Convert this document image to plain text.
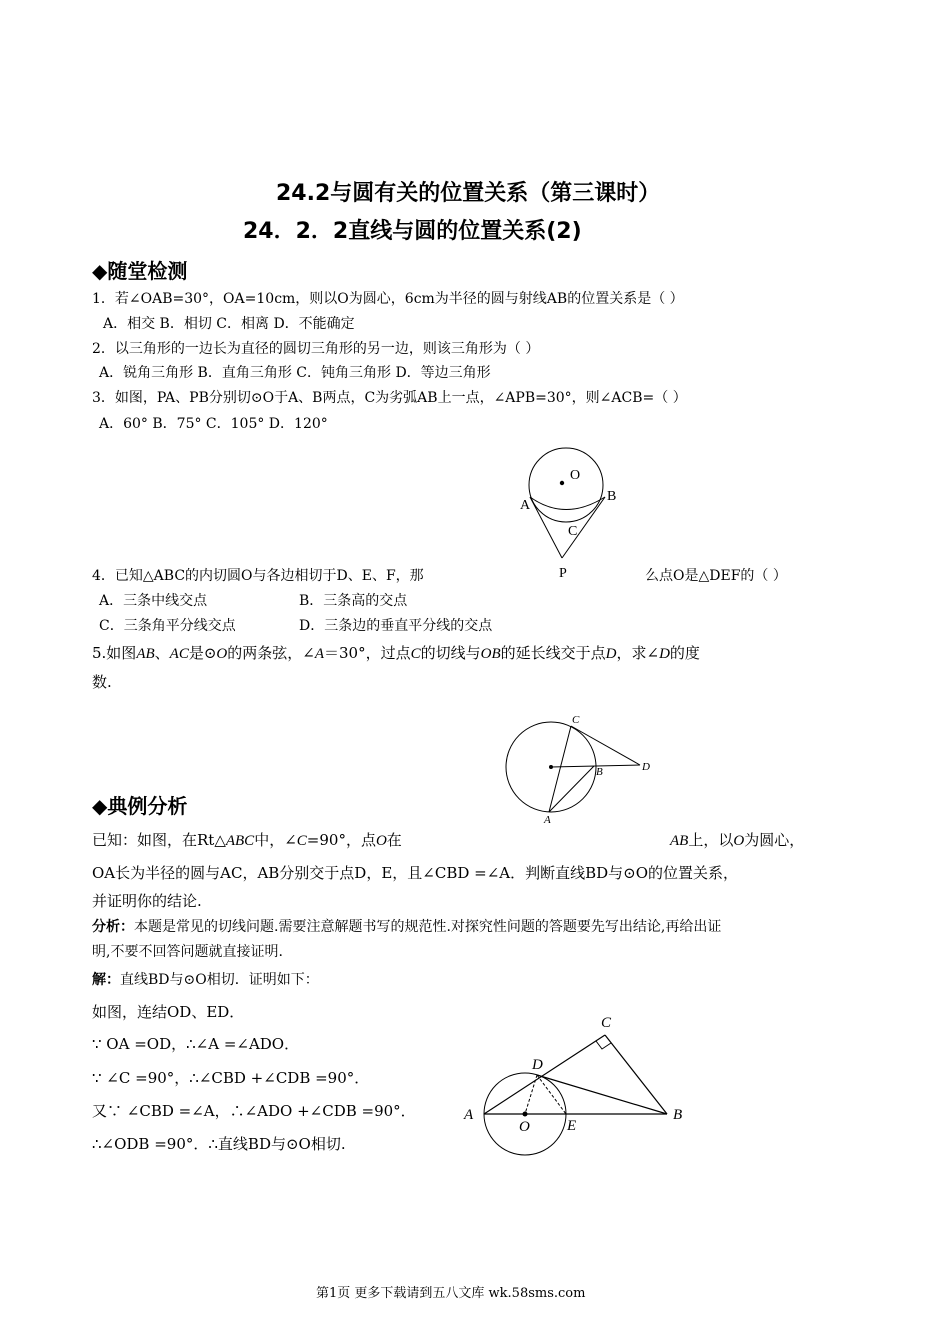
24.2与圆有关的位置关系（第三课时）
24．2．2直线与圆的位置关系(2)
◆随堂检测
1．若∠OAB=30°，OA=10cm，则以O为圆心，6cm为半径的圆与射线AB的位置关系是（ ）
A．相交 B．相切 C．相离 D．不能确定
2．以三角形的一边长为直径的圆切三角形的另一边，则该三角形为（ ）
A．锐角三角形 B．直角三角形 C．钝角三角形 D．等边三角形
3．如图，PA、PB分别切⊙O于A、B两点，C为劣弧AB上一点，∠APB=30°，则∠ACB=（ ）
A．60° B．75° C．105° D．120°
O
B
A
C
P
4．已知△ABC的内切圆O与各边相切于D、E、F，那	么点O是△DEF的（ ）
A．三条中线交点	B．三条高的交点
C．三条角平分线交点	D．三条边的垂直平分线的交点
5.如图AB、AC是⊙O的两条弦，∠A＝30°，过点C的切线与OB的延长线交于点D，求∠D的度
数.
C
B	D
A
◆典例分析
已知：如图，在Rt△ABC中，∠C=90°，点O在	AB上，以O为圆心，
OA长为半径的圆与AC，AB分别交于点D，E，且∠CBD =∠A．判断直线BD与⊙O的位置关系，
并证明你的结论.
分析：本题是常见的切线问题.需要注意解题书写的规范性.对探究性问题的答题要先写出结论,再给出证
明,不要不回答问题就直接证明.
解：直线BD与⊙O相切．证明如下：
如图，连结OD、ED．
∵ OA =OD，∴∠A =∠ADO．
∵ ∠C =90°，∴∠CBD +∠CDB =90°．
又∵ ∠CBD =∠A，∴∠ADO +∠CDB =90°．
∴∠ODB =90°．∴直线BD与⊙O相切.
C
D
A
O E
B
第1页 更多下载请到五八文库 wk.58sms.com
